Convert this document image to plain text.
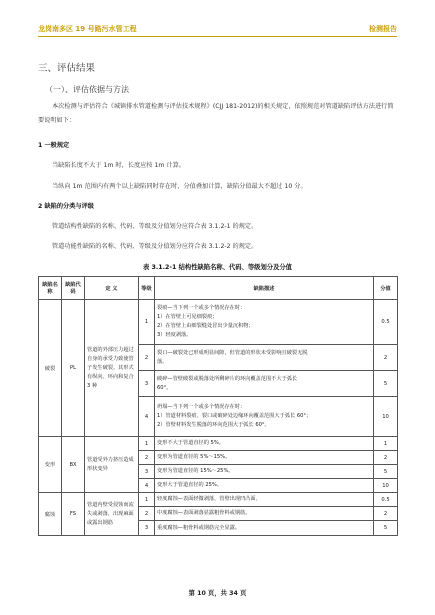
龙岗南多区 19 号路污水管工程	检测报告
三、评估结果
（一）、评估依据与方法
本次检测与评估符合《城镇排水管道检测与评估技术规程》(CJJ 181-2012)的相关规定，依照规范对管道缺陷评估方法进行简要说明如下：
1 一般规定
当缺陷长度不大于 1m 时，长度应按 1m 计算。
当纵向 1m 范围内有两个以上缺陷同时存在时，分值叠加计算，缺陷分值最大不超过 10 分。
2 缺陷的分类与评级
管道结构性缺陷的名称、代码、等级及分值划分应符合表 3.1.2-1 的规定。
管道功能性缺陷的名称、代码、等级及分值划分应符合表 3.1.2-2 的规定。
表 3.1.2-1 结构性缺陷名称、代码、等级划分及分值
缺陷名称	缺陷代码	定 义	等级	缺陷描述	分值
破裂	PL	管道的外部压力超过自身的承受力致使管子发生破裂。其形式有纵向、环向和复合 3 种	1	裂痕—当下列一个或多个情况存在时：
1）在管壁上可见细裂痕；
2）在管壁上由细裂缝处冒出少量沉积物；
3）轻度剥落。	0.5
			2	裂口—破裂处已形成明显间隙，但管道的形状未受影响且破裂无脱
落。	2
			3	破碎—管壁破裂或脱落处所剩碎片的环向覆盖范围不大于弧长
60°。	5
			4	坍塌—当下列一个或多个情况存在时：
1）管道材料裂痕、裂口或破碎处边缘环向覆盖范围大于弧长 60°；
2）管壁材料发生脱落的环向范围大于弧长 60°。	10
变形	BX	管道受外力挤压造成形状变异	1	变形不大于管道直径的 5%。	1
			2	变形为管道直径的 5%～15%。	2
			3	变形为管道直径的 15%～25%。	5
			4	变形大于管道直径的 25%。	10
腐蚀	FS	管道内壁受侵蚀而流失或剥落，出现麻面或露出钢筋	1	轻度腐蚀—表面轻微剥落，管壁出现凹凸面。	0.5
			2	中度腐蚀—表面剥落显露粗骨料或钢筋。	2
			3	重度腐蚀—粗骨料或钢筋完全显露。	5
第 10 页，共 34 页
